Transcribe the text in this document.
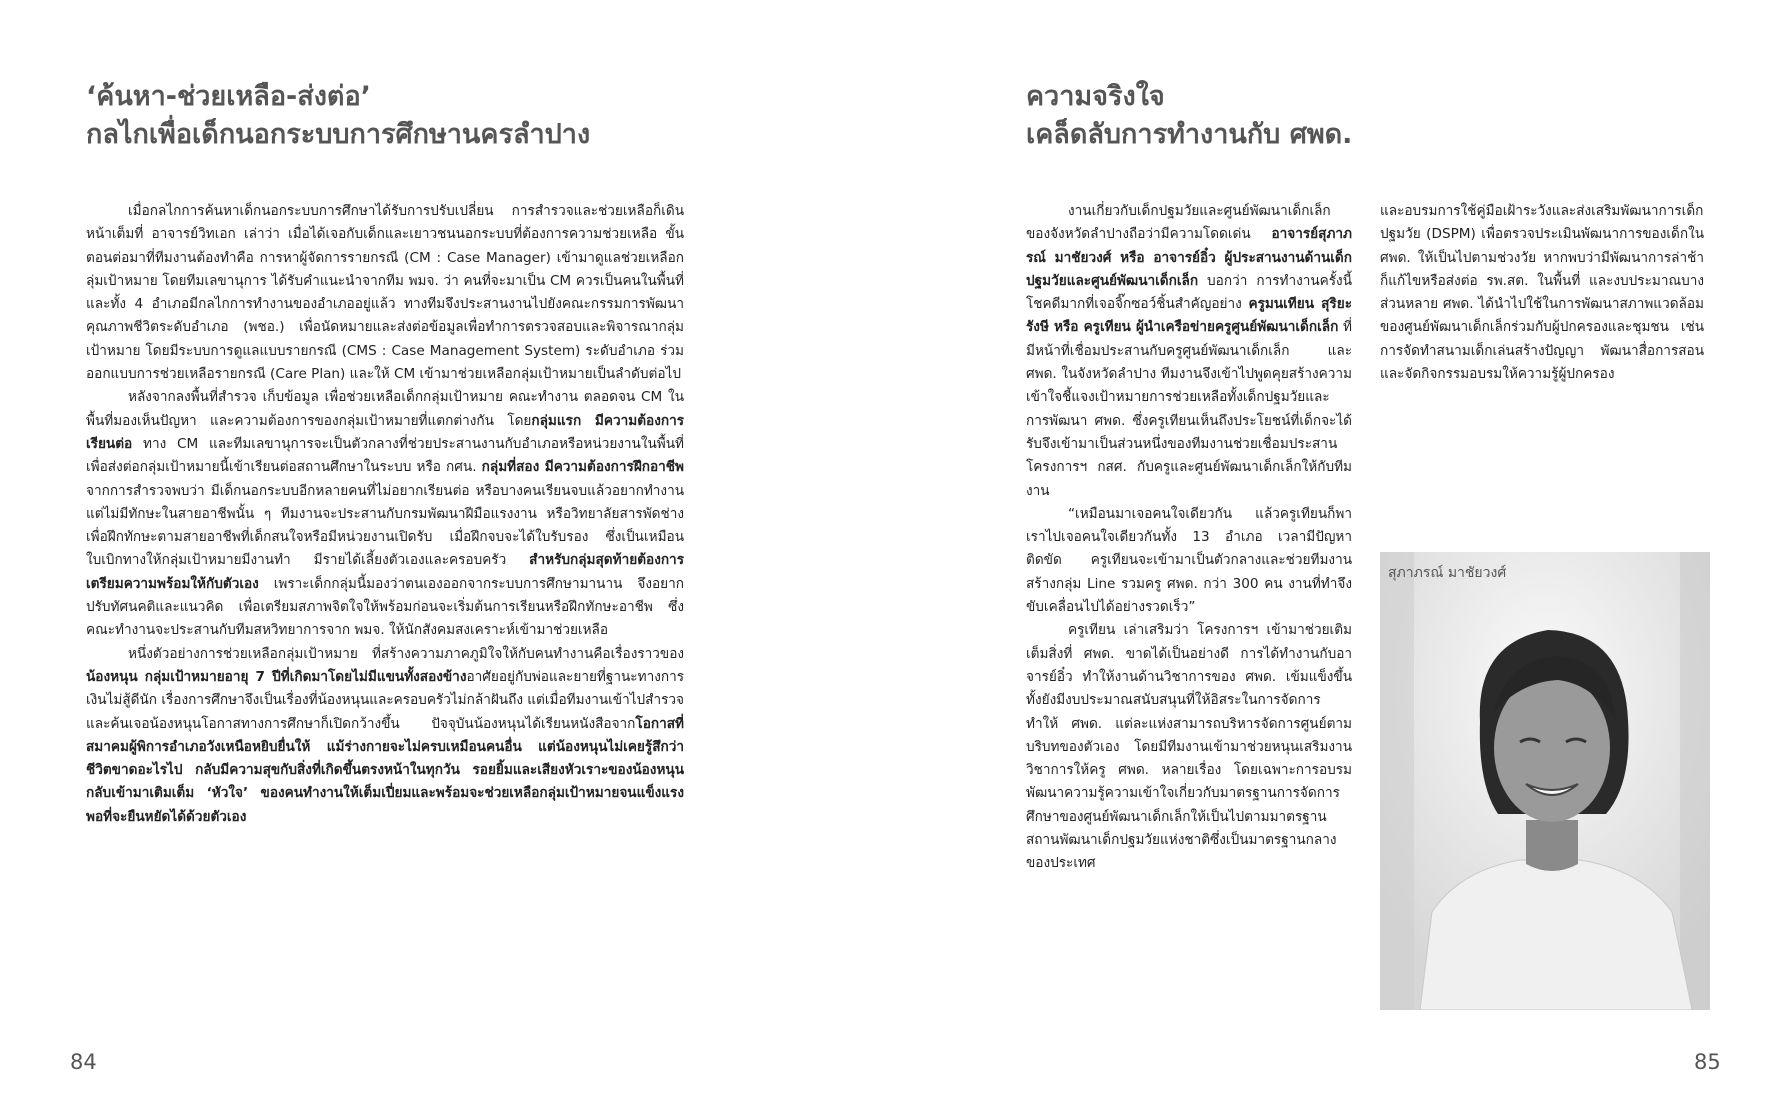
‘ค้นหา-ช่วยเหลือ-ส่งต่อ’
กลไกเพื่อเด็กนอกระบบการศึกษานครลำปาง

เมื่อกลไกการค้นหาเด็กนอกระบบการศึกษาได้รับการปรับเปลี่ยน การสำรวจและช่วยเหลือก็เดินหน้าเต็มที่ อาจารย์วิทเอก เล่าว่า เมื่อได้เจอกับเด็กและเยาวชนนอกระบบที่ต้องการความช่วยเหลือ ขั้นตอนต่อมาที่ทีมงานต้องทำคือ การหาผู้จัดการรายกรณี (CM : Case Manager) เข้ามาดูแลช่วยเหลือกลุ่มเป้าหมาย โดยทีมเลขานุการ ได้รับคำแนะนำจากทีม พมจ. ว่า คนที่จะมาเป็น CM ควรเป็นคนในพื้นที่ และทั้ง 4 อำเภอมีกลไกการทำงานของอำเภออยู่แล้ว ทางทีมจึงประสานงานไปยังคณะกรรมการพัฒนาคุณภาพชีวิตระดับอำเภอ (พชอ.) เพื่อนัดหมายและส่งต่อข้อมูลเพื่อทำการตรวจสอบและพิจารณากลุ่มเป้าหมาย โดยมีระบบการดูแลแบบรายกรณี (CMS : Case Management System) ระดับอำเภอ ร่วมออกแบบการช่วยเหลือรายกรณี (Care Plan) และให้ CM เข้ามาช่วยเหลือกลุ่มเป้าหมายเป็นลำดับต่อไป

หลังจากลงพื้นที่สำรวจ เก็บข้อมูล เพื่อช่วยเหลือเด็กกลุ่มเป้าหมาย คณะทำงาน ตลอดจน CM ในพื้นที่มองเห็นปัญหา และความต้องการของกลุ่มเป้าหมายที่แตกต่างกัน โดยกลุ่มแรก มีความต้องการเรียนต่อ ทาง CM และทีมเลขานุการจะเป็นตัวกลางที่ช่วยประสานงานกับอำเภอหรือหน่วยงานในพื้นที่เพื่อส่งต่อกลุ่มเป้าหมายนี้เข้าเรียนต่อสถานศึกษาในระบบ หรือ กศน. กลุ่มที่สอง มีความต้องการฝึกอาชีพ จากการสำรวจพบว่า มีเด็กนอกระบบอีกหลายคนที่ไม่อยากเรียนต่อ หรือบางคนเรียนจบแล้วอยากทำงาน แต่ไม่มีทักษะในสายอาชีพนั้น ๆ ทีมงานจะประสานกับกรมพัฒนาฝีมือแรงงาน หรือวิทยาลัยสารพัดช่าง เพื่อฝึกทักษะตามสายอาชีพที่เด็กสนใจหรือมีหน่วยงานเปิดรับ เมื่อฝึกจบจะได้ใบรับรอง ซึ่งเป็นเหมือนใบเบิกทางให้กลุ่มเป้าหมายมีงานทำ มีรายได้เลี้ยงตัวเองและครอบครัว สำหรับกลุ่มสุดท้ายต้องการเตรียมความพร้อมให้กับตัวเอง เพราะเด็กกลุ่มนี้มองว่าตนเองออกจากระบบการศึกษามานาน จึงอยากปรับทัศนคติและแนวคิด เพื่อเตรียมสภาพจิตใจให้พร้อมก่อนจะเริ่มต้นการเรียนหรือฝึกทักษะอาชีพ ซึ่งคณะทำงานจะประสานกับทีมสหวิทยาการจาก พมจ. ให้นักสังคมสงเคราะห์เข้ามาช่วยเหลือ

หนึ่งตัวอย่างการช่วยเหลือกลุ่มเป้าหมาย ที่สร้างความภาคภูมิใจให้กับคนทำงานคือเรื่องราวของ น้องหนุน กลุ่มเป้าหมายอายุ 7 ปีที่เกิดมาโดยไม่มีแขนทั้งสองข้างอาศัยอยู่กับพ่อและยายที่ฐานะทางการเงินไม่สู้ดีนัก เรื่องการศึกษาจึงเป็นเรื่องที่น้องหนุนและครอบครัวไม่กล้าฝันถึง แต่เมื่อทีมงานเข้าไปสำรวจและค้นเจอน้องหนุนโอกาสทางการศึกษาก็เปิดกว้างขึ้น ปัจจุบันน้องหนุนได้เรียนหนังสือจากโอกาสที่สมาคมผู้พิการอำเภอวังเหนือหยิบยื่นให้ แม้ร่างกายจะไม่ครบเหมือนคนอื่น แต่น้องหนุนไม่เคยรู้สึกว่าชีวิตขาดอะไรไป กลับมีความสุขกับสิ่งที่เกิดขึ้นตรงหน้าในทุกวัน รอยยิ้มและเสียงหัวเราะของน้องหนุนกลับเข้ามาเติมเต็ม ‘หัวใจ’ ของคนทำงานให้เต็มเปี่ยมและพร้อมจะช่วยเหลือกลุ่มเป้าหมายจนแข็งแรงพอที่จะยืนหยัดได้ด้วยตัวเอง

84
ความจริงใจ
เคล็ดลับการทำงานกับ ศพด.

งานเกี่ยวกับเด็กปฐมวัยและศูนย์พัฒนาเด็กเล็กของจังหวัดลำปางถือว่ามีความโดดเด่น อาจารย์สุภาภรณ์ มาชัยวงศ์ หรือ อาจารย์อิ๋ว ผู้ประสานงานด้านเด็กปฐมวัยและศูนย์พัฒนาเด็กเล็ก บอกว่า การทำงานครั้งนี้โชคดีมากที่เจอจิ๊กซอว์ชิ้นสำคัญอย่าง ครูมนเทียน สุริยะรังษี หรือ ครูเทียน ผู้นำเครือข่ายครูศูนย์พัฒนาเด็กเล็ก ที่มีหน้าที่เชื่อมประสานกับครูศูนย์พัฒนาเด็กเล็ก และ ศพด. ในจังหวัดลำปาง ทีมงานจึงเข้าไปพูดคุยสร้างความเข้าใจชี้แจงเป้าหมายการช่วยเหลือทั้งเด็กปฐมวัยและการพัฒนา ศพด. ซึ่งครูเทียนเห็นถึงประโยชน์ที่เด็กจะได้รับจึงเข้ามาเป็นส่วนหนึ่งของทีมงานช่วยเชื่อมประสานโครงการฯ กสศ. กับครูและศูนย์พัฒนาเด็กเล็กให้กับทีมงาน

“เหมือนมาเจอคนใจเดียวกัน แล้วครูเทียนก็พาเราไปเจอคนใจเดียวกันทั้ง 13 อำเภอ เวลามีปัญหาติดขัด ครูเทียนจะเข้ามาเป็นตัวกลางและช่วยทีมงานสร้างกลุ่ม Line รวมครู ศพด. กว่า 300 คน งานที่ทำจึงขับเคลื่อนไปได้อย่างรวดเร็ว”

ครูเทียน เล่าเสริมว่า โครงการฯ เข้ามาช่วยเติมเต็มสิ่งที่ ศพด. ขาดได้เป็นอย่างดี การได้ทำงานกับอาจารย์อิ๋ว ทำให้งานด้านวิชาการของ ศพด. เข้มแข็งขึ้น ทั้งยังมีงบประมาณสนับสนุนที่ให้อิสระในการจัดการ ทำให้ ศพด. แต่ละแห่งสามารถบริหารจัดการศูนย์ตามบริบทของตัวเอง โดยมีทีมงานเข้ามาช่วยหนุนเสริมงานวิชาการให้ครู ศพด. หลายเรื่อง โดยเฉพาะการอบรมพัฒนาความรู้ความเข้าใจเกี่ยวกับมาตรฐานการจัดการศึกษาของศูนย์พัฒนาเด็กเล็กให้เป็นไปตามมาตรฐานสถานพัฒนาเด็กปฐมวัยแห่งชาติซึ่งเป็นมาตรฐานกลางของประเทศ

และอบรมการใช้คู่มือเฝ้าระวังและส่งเสริมพัฒนาการเด็กปฐมวัย (DSPM) เพื่อตรวจประเมินพัฒนาการของเด็กใน ศพด. ให้เป็นไปตามช่วงวัย หากพบว่ามีพัฒนาการล่าช้าก็แก้ไขหรือส่งต่อ รพ.สต. ในพื้นที่ และงบประมาณบางส่วนหลาย ศพด. ได้นำไปใช้ในการพัฒนาสภาพแวดล้อมของศูนย์พัฒนาเด็กเล็กร่วมกับผู้ปกครองและชุมชน เช่น การจัดทำสนามเด็กเล่นสร้างปัญญา พัฒนาสื่อการสอน และจัดกิจกรรมอบรมให้ความรู้ผู้ปกครอง

สุภาภรณ์ มาชัยวงศ์
85
